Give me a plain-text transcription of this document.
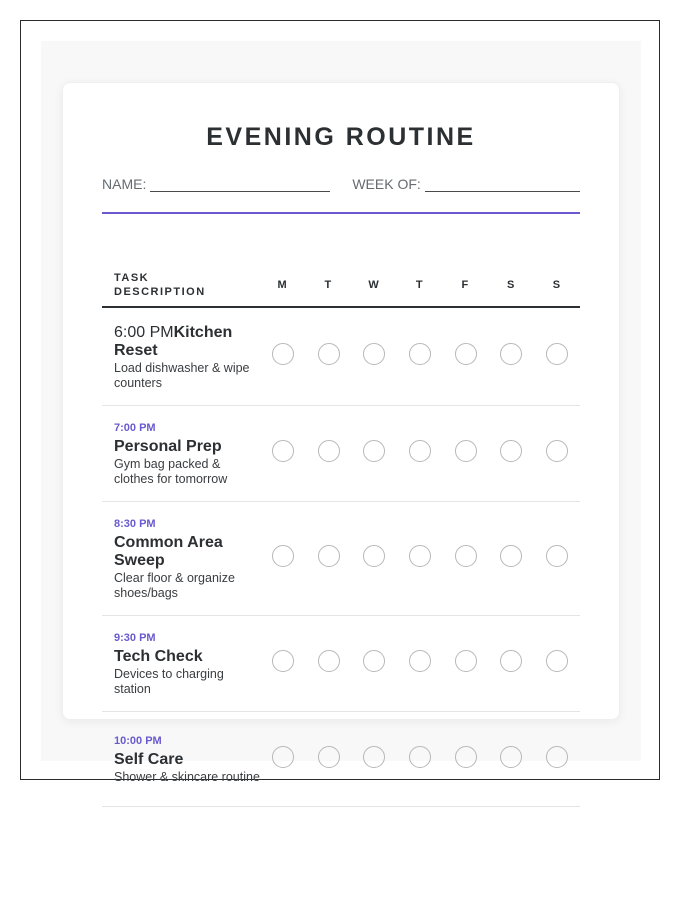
EVENING ROUTINE
NAME:	WEEK OF:
TASK
DESCRIPTION	M	T	W	T	F	S	S

6:00 PMKitchen Reset
Load dishwasher & wipe counters							

7:00 PM
Personal Prep
Gym bag packed & clothes for tomorrow							

8:30 PM
Common Area Sweep
Clear floor & organize shoes/bags							

9:30 PM
Tech Check
Devices to charging station							

10:00 PM
Self Care
Shower & skincare routine							
